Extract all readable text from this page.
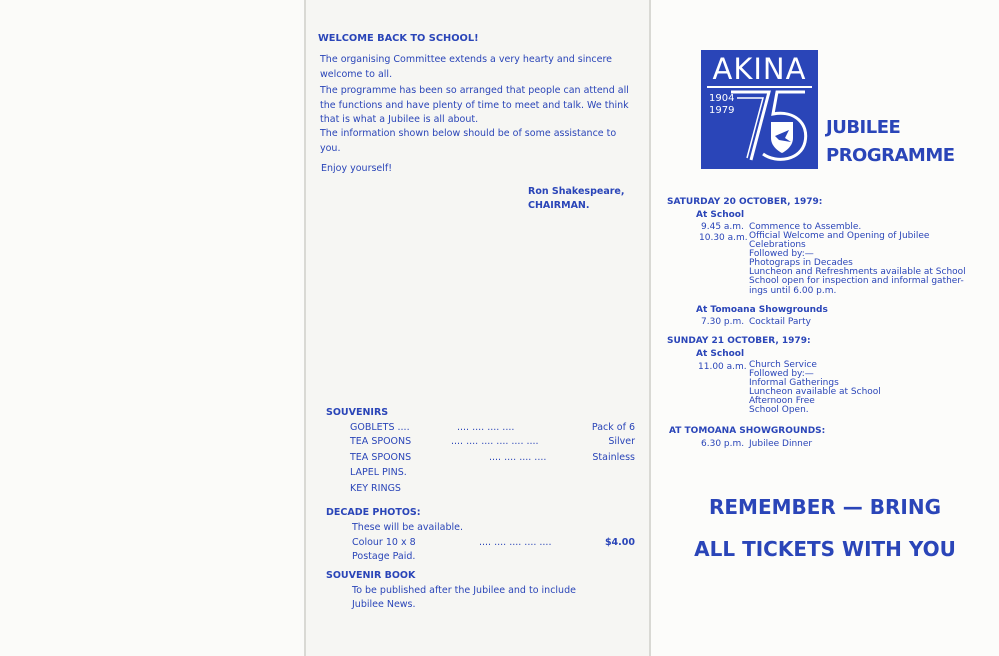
WELCOME BACK TO SCHOOL!

The organising Committee extends a very hearty and sincere welcome to all.

The programme has been so arranged that people can attend all the functions and have plenty of time to meet and talk. We think that is what a Jubilee is all about.

The information shown below should be of some assistance to you.

Enjoy yourself!

Ron Shakespeare,

CHAIRMAN.

SOUVENIRS

GOBLETS ....	.... .... .... ....	Pack of 6
TEA SPOONS	.... .... .... .... .... ....	Silver
TEA SPOONS	.... .... .... ....	Stainless
LAPEL PINS.
KEY RINGS

DECADE PHOTOS:

These will be available.

Colour 10 x 8	.... .... .... .... ....	$4.00

Postage Paid.

SOUVENIR BOOK

To be published after the Jubilee and to include

Jubilee News.

AKINA
1904
1979
JUBILEE
PROGRAMME

SATURDAY 20 OCTOBER, 1979:

At School

9.45 a.m. Commence to Assemble.

10.30 a.m. Official Welcome and Opening of Jubilee
Celebrations
Followed by:—
Photograps in Decades
Luncheon and Refreshments available at School
School open for inspection and informal gather-
ings until 6.00 p.m.

At Tomoana Showgrounds

7.30 p.m. Cocktail Party

SUNDAY 21 OCTOBER, 1979:

At School

11.00 a.m. Church Service
Followed by:—
Informal Gatherings
Luncheon available at School
Afternoon Free
School Open.

AT TOMOANA SHOWGROUNDS:

6.30 p.m. Jubilee Dinner

REMEMBER — BRING
ALL TICKETS WITH YOU
